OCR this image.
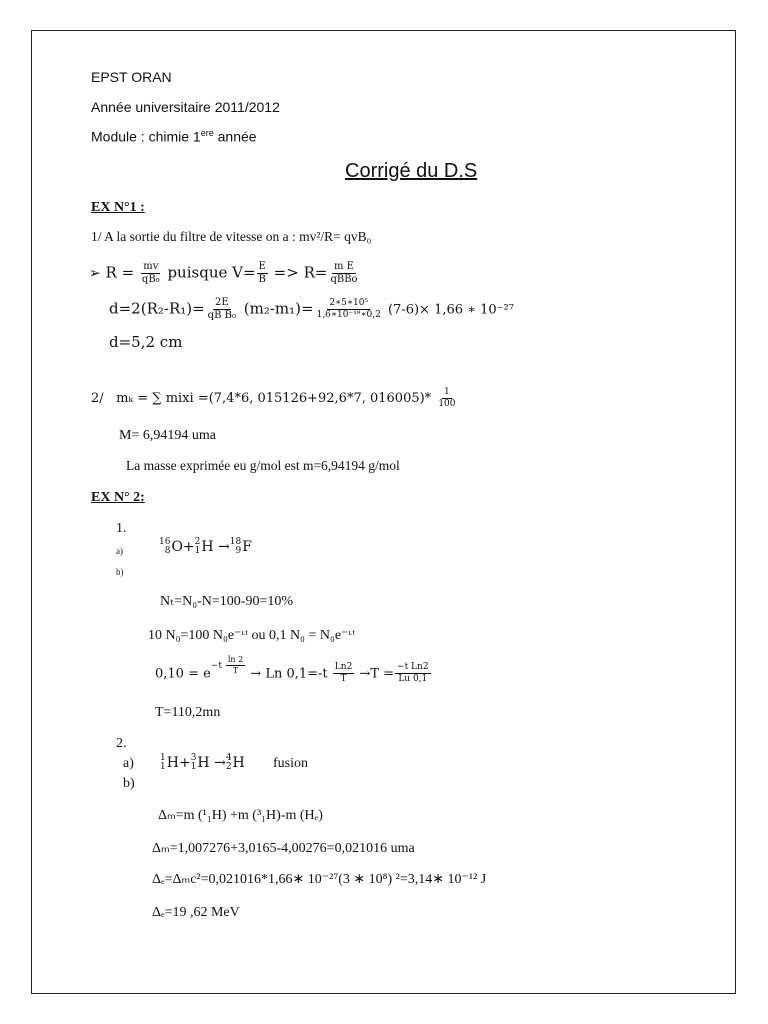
EPST ORAN
Année universitaire 2011/2012
Module : chimie 1ere année
Corrigé du D.S
EX N°1 :
1/ A la sortie du filtre de vitesse on a : mv²/R= qvB₀
➢ $R = \frac{mv}{\text{qB₀}}$ puisque $V= \frac{E}{B} => R= \frac{\text{m E}}{\text{qBBo}}$
$d=2(R_2-R_1)= \frac{2E}{\text{qB B₀}} (m_2-m_1)= \frac{\text{2∗5∗10⁵}}{\text{1,6∗10⁻¹⁹∗0,2}} (7-6)\times 1,66$ ∗ 10⁻²⁷
d=5,2 cm
2/ mₖ = ∑ mixi =(7,4*6, 015126+92,6*7, $016005)* \frac{1}{100}$
M= 6,94194 uma
La masse exprimée eu g/mol est m=6,94194 g/mol
EX N° 2:
1.
a)
16
8 O+ 2
1 H → 18
9 F
b)
Nₜ=N₀-N=100-90=10%
10 N₀=100 N₀e⁻ᶫᵗ ou 0,1 N₀ = N₀e⁻ᶫᵗ
$0,10 = e^{-t \frac{\ln 2}{T}} \to Ln$ $0,1=-t \frac{Ln2}{T} \to T = \frac{\text{−t Ln2}}{Lu 0,1}$
T=110,2mn
2.
a)	1
1 H+ 3
1 H → 4
2 H fusion
b)
Δₘ=m (¹₁H) +m (³₁H)-m (Hₑ)
Δₘ=1,007276+3,0165-4,00276=0,021016 uma
Δₑ=Δₘc²=0,021016*1,66∗ 10⁻²⁷(3 ∗ 10⁸) ²=3,14∗ 10⁻¹² J
Δₑ=19 ,62 MeV
